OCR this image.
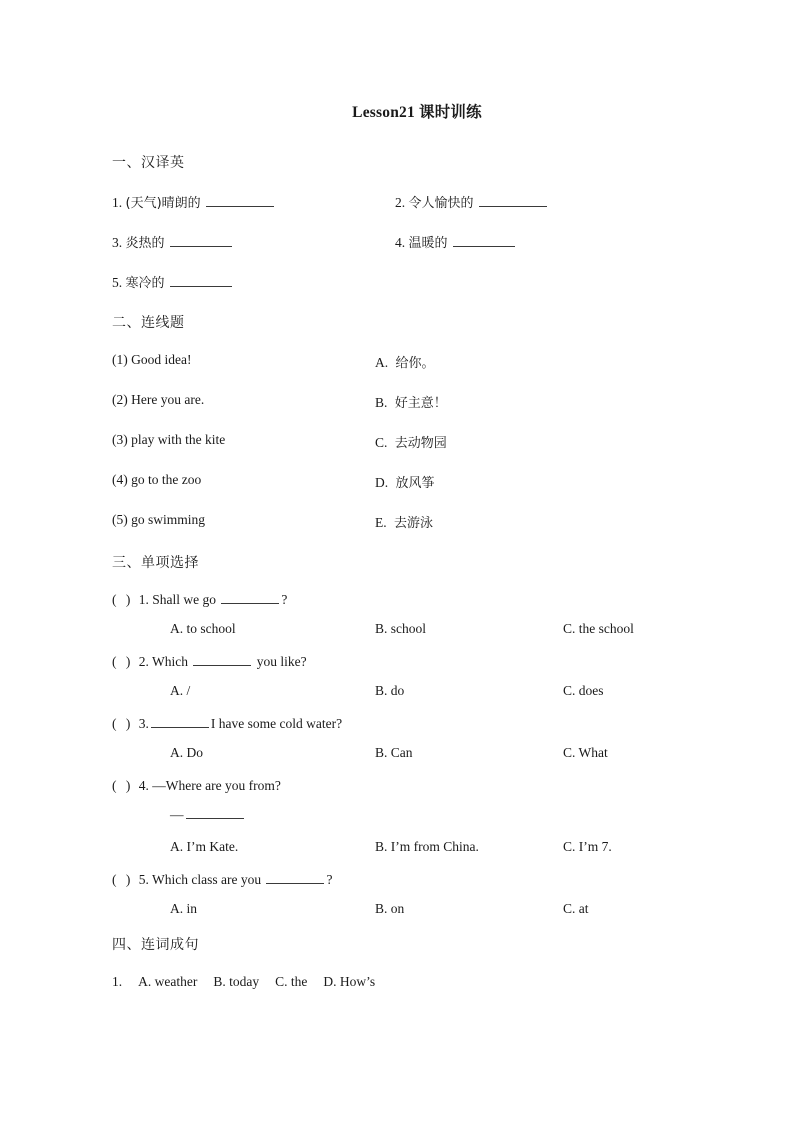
Lesson21 课时训练
一、汉译英
1. (天气)晴朗的	2. 令人愉快的
3. 炎热的	4. 温暖的
5. 寒冷的
二、连线题
(1) Good idea!	A. 给你。
(2) Here you are.	B. 好主意！
(3) play with the kite	C. 去动物园
(4) go to the zoo	D. 放风筝
(5) go swimming	E. 去游泳
三、单项选择
( ) 1. Shall we go	?
A. to school	B. school	C. the school
( ) 2. Which	you like?
A. /	B. do	C. does
( ) 3.	I have some cold water?
A. Do	B. Can	C. What
( ) 4. —Where are you from?
—
A. I’m Kate.	B. I’m from China.	C. I’m 7.
( ) 5. Which class are you	?
A. in	B. on	C. at
四、连词成句
1. A. weather B. today C. the D. How’s
